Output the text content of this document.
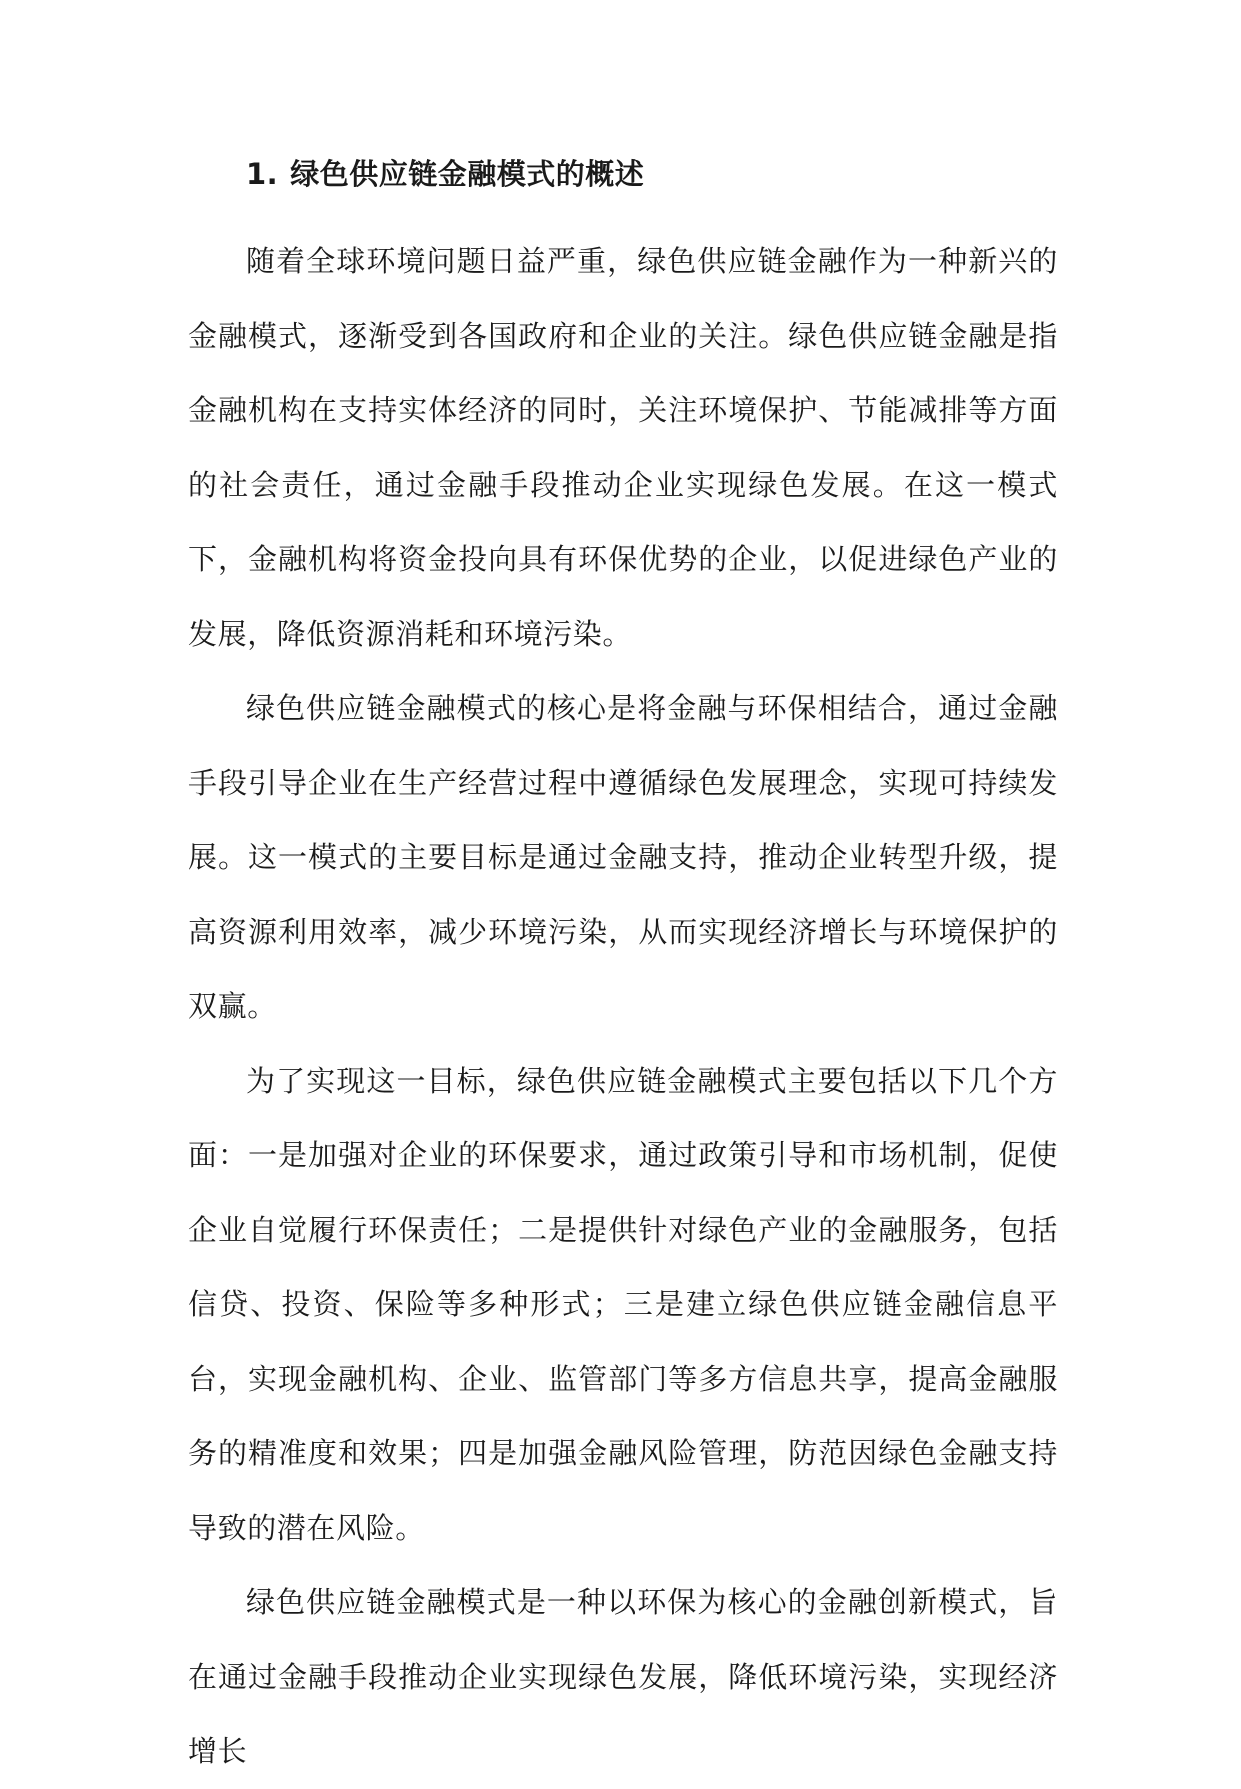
1. 绿色供应链金融模式的概述

随着全球环境问题日益严重，绿色供应链金融作为一种新兴的金融模式，逐渐受到各国政府和企业的关注。绿色供应链金融是指金融机构在支持实体经济的同时，关注环境保护、节能减排等方面的社会责任，通过金融手段推动企业实现绿色发展。在这一模式下，金融机构将资金投向具有环保优势的企业，以促进绿色产业的发展，降低资源消耗和环境污染。

绿色供应链金融模式的核心是将金融与环保相结合，通过金融手段引导企业在生产经营过程中遵循绿色发展理念，实现可持续发展。这一模式的主要目标是通过金融支持，推动企业转型升级，提高资源利用效率，减少环境污染，从而实现经济增长与环境保护的双赢。

为了实现这一目标，绿色供应链金融模式主要包括以下几个方面：一是加强对企业的环保要求，通过政策引导和市场机制，促使企业自觉履行环保责任；二是提供针对绿色产业的金融服务，包括信贷、投资、保险等多种形式；三是建立绿色供应链金融信息平台，实现金融机构、企业、监管部门等多方信息共享，提高金融服务的精准度和效果；四是加强金融风险管理，防范因绿色金融支持导致的潜在风险。

绿色供应链金融模式是一种以环保为核心的金融创新模式，旨在通过金融手段推动企业实现绿色发展，降低环境污染，实现经济增长
